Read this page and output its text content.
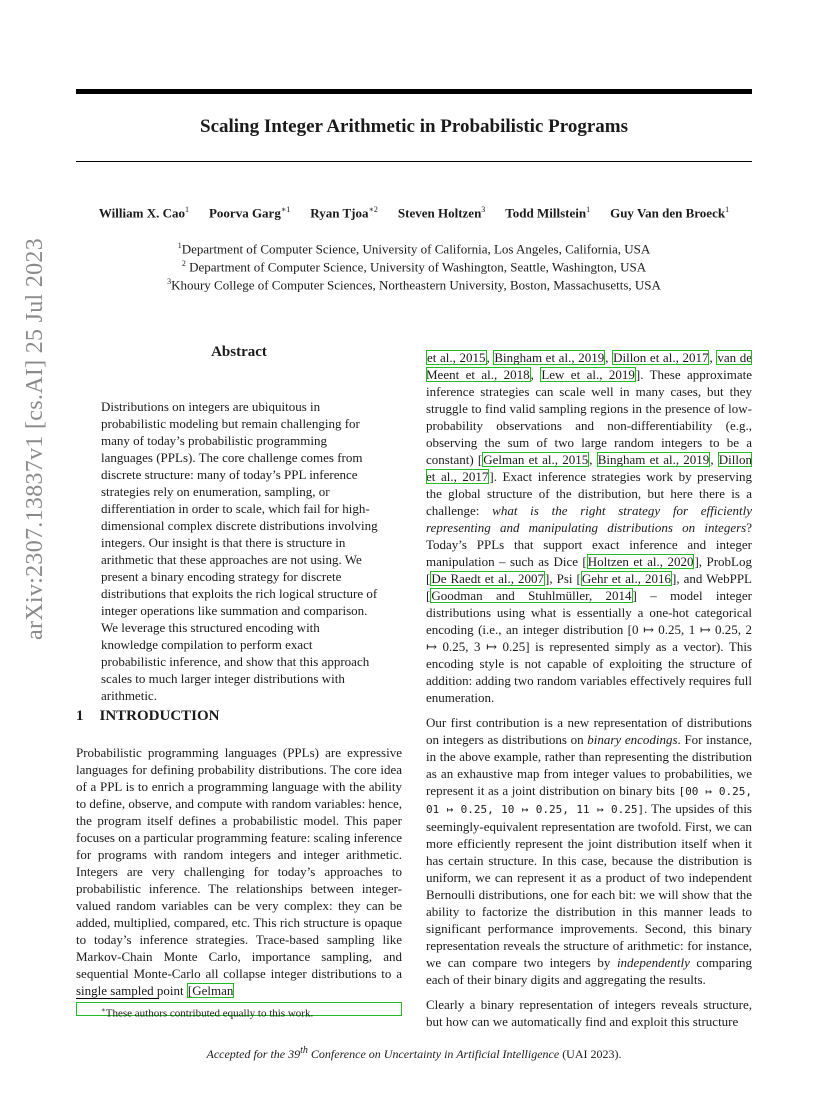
Scaling Integer Arithmetic in Probabilistic Programs
William X. Cao$^1$ Poorva Garg$^{∗1}$ Ryan Tjoa$^{∗2}$ Steven Holtzen$^3$ Todd Millstein$^1$ Guy Van den Broeck$^1$
$^1$Department of Computer Science, University of California, Los Angeles, California, USA
$^2$ Department of Computer Science, University of Washington, Seattle, Washington, USA
$^3$Khoury College of Computer Sciences, Northeastern University, Boston, Massachusetts, USA
arXiv:2307.13837v1 [cs.AI] 25 Jul 2023	Abstract
Distributions on integers are ubiquitous in probabilistic modeling but remain challenging for many of today’s probabilistic programming languages (PPLs). The core challenge comes from discrete structure: many of today’s PPL inference strategies rely on enumeration, sampling, or differentiation in order to scale, which fail for high-dimensional complex discrete distributions involving integers. Our insight is that there is structure in arithmetic that these approaches are not using. We present a binary encoding strategy for discrete distributions that exploits the rich logical structure of integer operations like summation and comparison. We leverage this structured encoding with knowledge compilation to perform exact probabilistic inference, and show that this approach scales to much larger integer distributions with arithmetic.
1 INTRODUCTION

Probabilistic programming languages (PPLs) are expressive languages for defining probability distributions. The core idea of a PPL is to enrich a programming language with the ability to define, observe, and compute with random variables: hence, the program itself defines a probabilistic model. This paper focuses on a particular programming feature: scaling inference for programs with random integers and integer arithmetic. Integers are very challenging for today’s approaches to probabilistic inference. The relationships between integer-valued random variables can be very complex: they can be added, multiplied, compared, etc. This rich structure is opaque to today’s inference strategies. Trace-based sampling like Markov-Chain Monte Carlo, importance sampling, and sequential Monte-Carlo all collapse integer distributions to a single sampled point [Gelman

et al., 2015, Bingham et al., 2019, Dillon et al., 2017, van de Meent et al., 2018, Lew et al., 2019]. These approximate inference strategies can scale well in many cases, but they struggle to find valid sampling regions in the presence of low-probability observations and non-differentiability (e.g., observing the sum of two large random integers to be a constant) [Gelman et al., 2015, Bingham et al., 2019, Dillon et al., 2017]. Exact inference strategies work by preserving the global structure of the distribution, but here there is a challenge: what is the right strategy for efficiently representing and manipulating distributions on integers? Today’s PPLs that support exact inference and integer manipulation – such as Dice [Holtzen et al., 2020], ProbLog [De Raedt et al., 2007], Psi [Gehr et al., 2016], and WebPPL [Goodman and Stuhlmüller, 2014] – model integer distributions using what is essentially a one-hot categorical encoding (i.e., an integer distribution [0 ↦ 0.25, 1 ↦ 0.25, 2 ↦ 0.25, 3 ↦ 0.25] is represented simply as a vector). This encoding style is not capable of exploiting the structure of addition: adding two random variables effectively requires full enumeration.

Our first contribution is a new representation of distributions on integers as distributions on binary encodings. For instance, in the above example, rather than representing the distribution as an exhaustive map from integer values to probabilities, we represent it as a joint distribution on binary bits [00 ↦ 0.25, 01 ↦ 0.25, 10 ↦ 0.25, 11 ↦ 0.25]. The upsides of this seemingly-equivalent representation are twofold. First, we can more efficiently represent the joint distribution itself when it has certain structure. In this case, because the distribution is uniform, we can represent it as a product of two independent Bernoulli distributions, one for each bit: we will show that the ability to factorize the distribution in this manner leads to significant performance improvements. Second, this binary representation reveals the structure of arithmetic: for instance, we can compare two integers by independently comparing each of their binary digits and aggregating the results.

Clearly a binary representation of integers reveals structure, but how can we automatically find and exploit this structure

∗These authors contributed equally to this work.
Accepted for the 39th Conference on Uncertainty in Artificial Intelligence (UAI 2023).
